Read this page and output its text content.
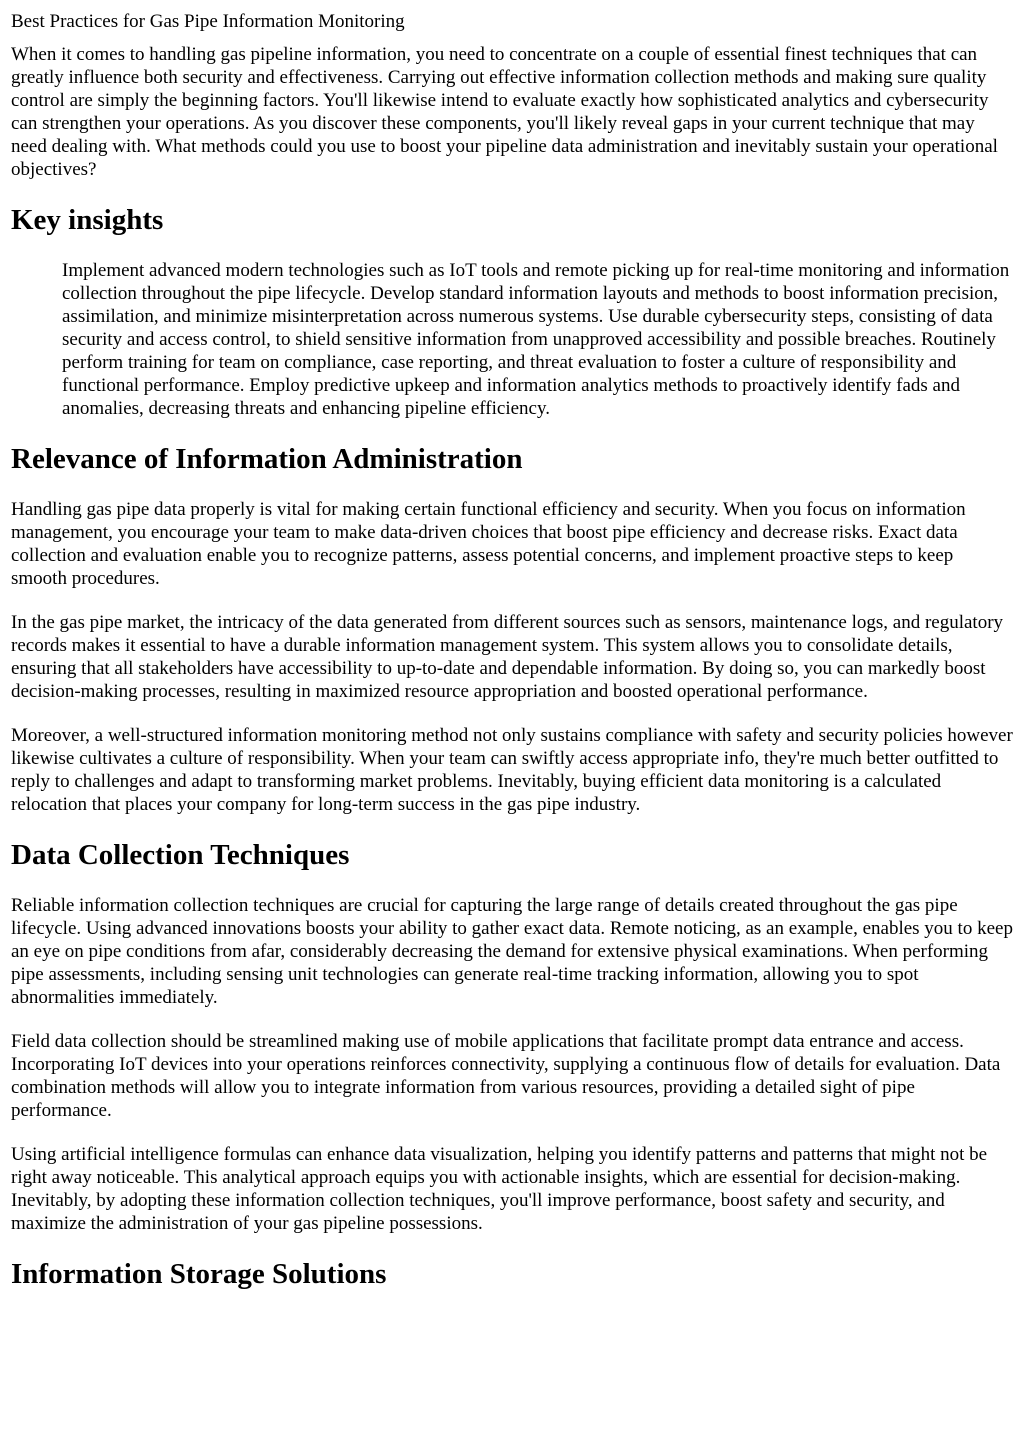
Best Practices for Gas Pipe Information Monitoring

When it comes to handling gas pipeline information, you need to concentrate on a couple of essential finest techniques that can greatly influence both security and effectiveness. Carrying out effective information collection methods and making sure quality control are simply the beginning factors. You'll likewise intend to evaluate exactly how sophisticated analytics and cybersecurity can strengthen your operations. As you discover these components, you'll likely reveal gaps in your current technique that may need dealing with. What methods could you use to boost your pipeline data administration and inevitably sustain your operational objectives?

Key insights
Implement advanced modern technologies such as IoT tools and remote picking up for real-time monitoring and information collection throughout the pipe lifecycle. Develop standard information layouts and methods to boost information precision, assimilation, and minimize misinterpretation across numerous systems. Use durable cybersecurity steps, consisting of data security and access control, to shield sensitive information from unapproved accessibility and possible breaches. Routinely perform training for team on compliance, case reporting, and threat evaluation to foster a culture of responsibility and functional performance. Employ predictive upkeep and information analytics methods to proactively identify fads and anomalies, decreasing threats and enhancing pipeline efficiency.
Relevance of Information Administration

Handling gas pipe data properly is vital for making certain functional efficiency and security. When you focus on information management, you encourage your team to make data-driven choices that boost pipe efficiency and decrease risks. Exact data collection and evaluation enable you to recognize patterns, assess potential concerns, and implement proactive steps to keep smooth procedures.

In the gas pipe market, the intricacy of the data generated from different sources such as sensors, maintenance logs, and regulatory records makes it essential to have a durable information management system. This system allows you to consolidate details, ensuring that all stakeholders have accessibility to up-to-date and dependable information. By doing so, you can markedly boost decision-making processes, resulting in maximized resource appropriation and boosted operational performance.

Moreover, a well-structured information monitoring method not only sustains compliance with safety and security policies however likewise cultivates a culture of responsibility. When your team can swiftly access appropriate info, they're much better outfitted to reply to challenges and adapt to transforming market problems. Inevitably, buying efficient data monitoring is a calculated relocation that places your company for long-term success in the gas pipe industry.

Data Collection Techniques

Reliable information collection techniques are crucial for capturing the large range of details created throughout the gas pipe lifecycle. Using advanced innovations boosts your ability to gather exact data. Remote noticing, as an example, enables you to keep an eye on pipe conditions from afar, considerably decreasing the demand for extensive physical examinations. When performing pipe assessments, including sensing unit technologies can generate real-time tracking information, allowing you to spot abnormalities immediately.

Field data collection should be streamlined making use of mobile applications that facilitate prompt data entrance and access. Incorporating IoT devices into your operations reinforces connectivity, supplying a continuous flow of details for evaluation. Data combination methods will allow you to integrate information from various resources, providing a detailed sight of pipe performance.

Using artificial intelligence formulas can enhance data visualization, helping you identify patterns and patterns that might not be right away noticeable. This analytical approach equips you with actionable insights, which are essential for decision-making. Inevitably, by adopting these information collection techniques, you'll improve performance, boost safety and security, and maximize the administration of your gas pipeline possessions.

Information Storage Solutions
